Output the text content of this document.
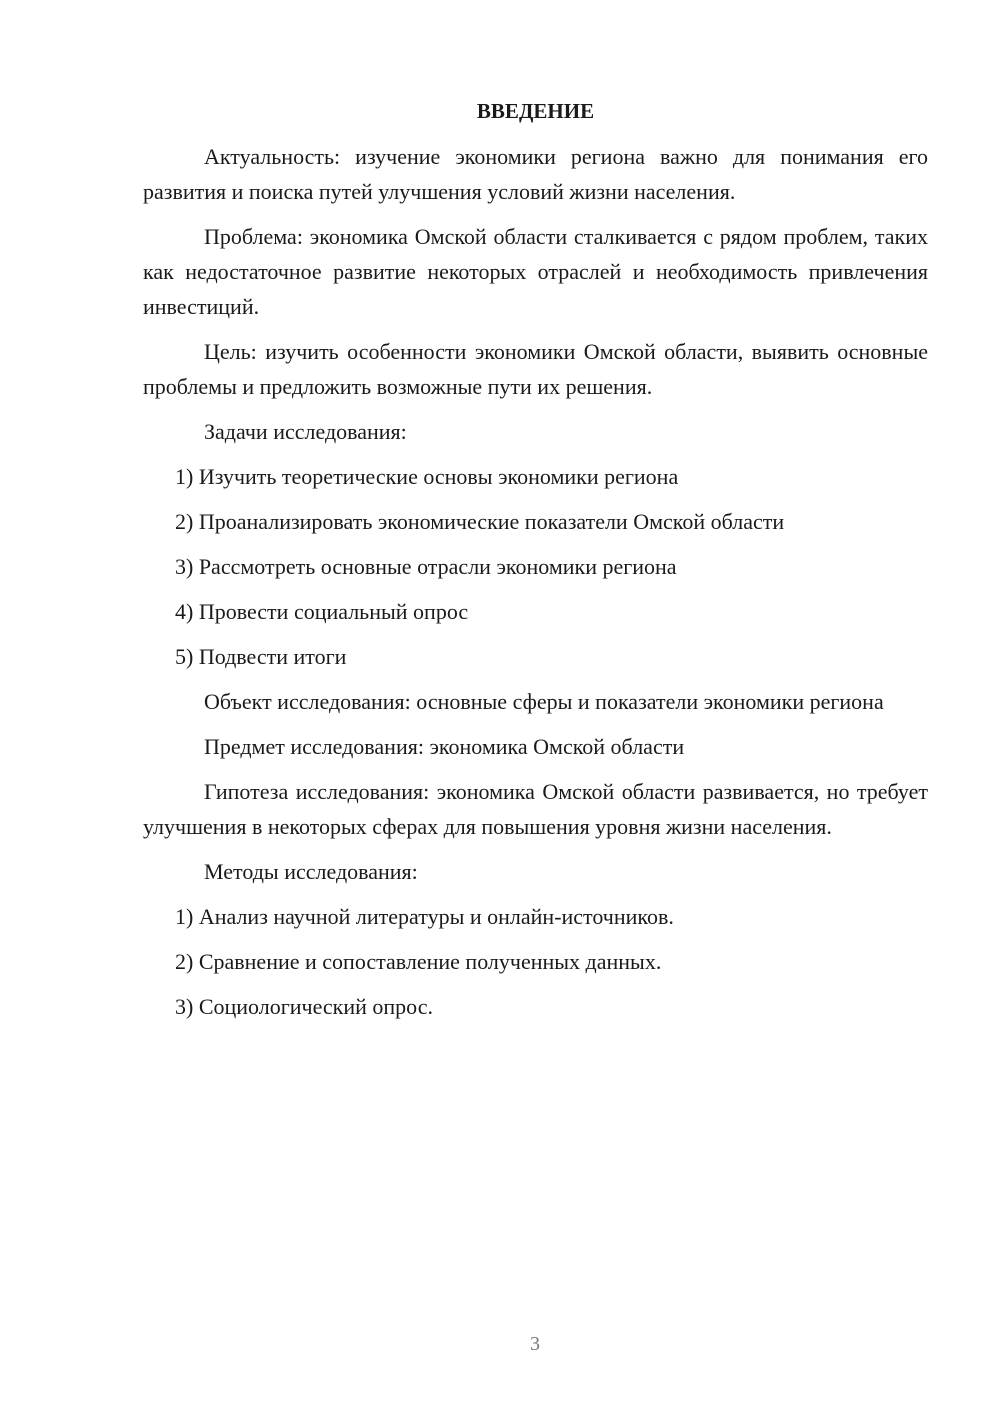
ВВЕДЕНИЕ

Актуальность: изучение экономики региона важно для понимания его развития и поиска путей улучшения условий жизни населения.

Проблема: экономика Омской области сталкивается с рядом проблем, таких как недостаточное развитие некоторых отраслей и необходимость привлечения инвестиций.

Цель: изучить особенности экономики Омской области, выявить основные проблемы и предложить возможные пути их решения.

Задачи исследования:

1) Изучить теоретические основы экономики региона
2) Проанализировать экономические показатели Омской области
3) Рассмотреть основные отрасли экономики региона
4) Провести социальный опрос
5) Подвести итоги

Объект исследования: основные сферы и показатели экономики региона

Предмет исследования: экономика Омской области

Гипотеза исследования: экономика Омской области развивается, но требует улучшения в некоторых сферах для повышения уровня жизни населения.

Методы исследования:

1) Анализ научной литературы и онлайн-источников.
2) Сравнение и сопоставление полученных данных.
3) Социологический опрос.
3
